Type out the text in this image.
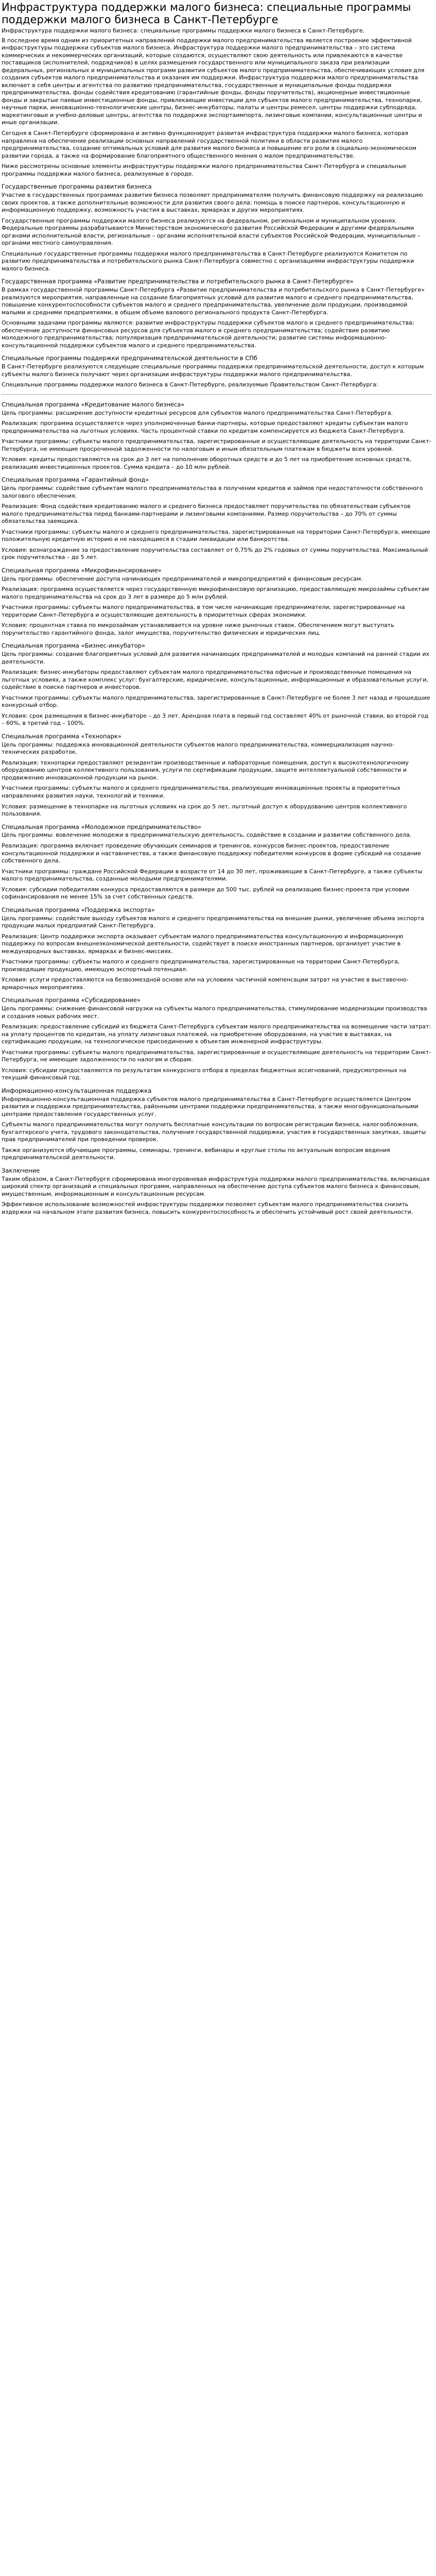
Инфраструктура поддержки малого бизнеса: специальные программы поддержки малого бизнеса в Санкт-Петербурге

Инфраструктура поддержки малого бизнеса: специальные программы поддержки малого бизнеса в Санкт-Петербурге.

В последнее время одним из приоритетных направлений поддержки малого предпринимательства является построение эффективной инфраструктуры поддержки субъектов малого бизнеса. Инфраструктура поддержки малого предпринимательства – это система коммерческих и некоммерческих организаций, которые создаются, осуществляют свою деятельность или привлекаются в качестве поставщиков (исполнителей, подрядчиков) в целях размещения государственного или муниципального заказа при реализации федеральных, региональных и муниципальных программ развития субъектов малого предпринимательства, обеспечивающих условия для создания субъектов малого предпринимательства и оказания им поддержки. Инфраструктура поддержки малого предпринимательства включает в себя центры и агентства по развитию предпринимательства, государственные и муниципальные фонды поддержки предпринимательства, фонды содействия кредитованию (гарантийные фонды, фонды поручительств), акционерные инвестиционные фонды и закрытые паевые инвестиционные фонды, привлекающие инвестиции для субъектов малого предпринимательства, технопарки, научные парки, инновационно-технологические центры, бизнес-инкубаторы, палаты и центры ремесел, центры поддержки субподряда, маркетинговые и учебно-деловые центры, агентства по поддержке экспортаимпорта, лизинговые компании, консультационные центры и иные организации.

Сегодня в Санкт-Петербурге сформирована и активно функционирует развитая инфраструктура поддержки малого бизнеса, которая направлена на обеспечение реализации основных направлений государственной политики в области развития малого предпринимательства, создание оптимальных условий для развития малого бизнеса и повышение его роли в социально-экономическом развитии города, а также на формирование благоприятного общественного мнения о малом предпринимательстве.

Ниже рассмотрены основные элементы инфраструктуры поддержки малого предпринимательства Санкт-Петербурга и специальные программы поддержки малого бизнеса, реализуемые в городе.

Государственные программы развития бизнеса

Участие в государственных программах развития бизнеса позволяет предпринимателям получить финансовую поддержку на реализацию своих проектов, а также дополнительные возможности для развития своего дела: помощь в поиске партнеров, консультационную и информационную поддержку, возможность участия в выставках, ярмарках и других мероприятиях.

Государственные программы поддержки малого бизнеса реализуются на федеральном, региональном и муниципальном уровнях. Федеральные программы разрабатываются Министерством экономического развития Российской Федерации и другими федеральными органами исполнительной власти, региональные – органами исполнительной власти субъектов Российской Федерации, муниципальные – органами местного самоуправления.

Специальные государственные программы поддержки малого предпринимательства в Санкт-Петербурге реализуются Комитетом по развитию предпринимательства и потребительского рынка Санкт-Петербурга совместно с организациями инфраструктуры поддержки малого бизнеса.

Государственная программа «Развитие предпринимательства и потребительского рынка в Санкт-Петербурге»

В рамках государственной программы Санкт-Петербурга «Развитие предпринимательства и потребительского рынка в Санкт-Петербурге» реализуются мероприятия, направленные на создание благоприятных условий для развития малого и среднего предпринимательства, повышение конкурентоспособности субъектов малого и среднего предпринимательства, увеличение доли продукции, производимой малыми и средними предприятиями, в общем объеме валового регионального продукта Санкт-Петербурга.

Основными задачами программы являются: развитие инфраструктуры поддержки субъектов малого и среднего предпринимательства; обеспечение доступности финансовых ресурсов для субъектов малого и среднего предпринимательства; содействие развитию молодежного предпринимательства; популяризация предпринимательской деятельности; развитие системы информационно-консультационной поддержки субъектов малого и среднего предпринимательства.

Специальные программы поддержки предпринимательской деятельности в СПб

В Санкт-Петербурге реализуются следующие специальные программы поддержки предпринимательской деятельности, доступ к которым субъекты малого бизнеса получают через организации инфраструктуры поддержки малого предпринимательства.

Специальные программы поддержки малого бизнеса в Санкт-Петербурге, реализуемые Правительством Санкт-Петербурга:

Специальная программа «Кредитование малого бизнеса»

Цель программы: расширение доступности кредитных ресурсов для субъектов малого предпринимательства Санкт-Петербурга.

Реализация: программа осуществляется через уполномоченные банки-партнеры, которые предоставляют кредиты субъектам малого предпринимательства на льготных условиях. Часть процентной ставки по кредитам компенсируется из бюджета Санкт-Петербурга.

Участники программы: субъекты малого предпринимательства, зарегистрированные и осуществляющие деятельность на территории Санкт-Петербурга, не имеющие просроченной задолженности по налоговым и иным обязательным платежам в бюджеты всех уровней.

Условия: кредиты предоставляются на срок до 3 лет на пополнение оборотных средств и до 5 лет на приобретение основных средств, реализацию инвестиционных проектов. Сумма кредита – до 10 млн рублей.

Специальная программа «Гарантийный фонд»

Цель программы: содействие субъектам малого предпринимательства в получении кредитов и займов при недостаточности собственного залогового обеспечения.

Реализация: Фонд содействия кредитованию малого и среднего бизнеса предоставляет поручительства по обязательствам субъектов малого предпринимательства перед банками-партнерами и лизинговыми компаниями. Размер поручительства – до 70% от суммы обязательства заемщика.

Участники программы: субъекты малого и среднего предпринимательства, зарегистрированные на территории Санкт-Петербурга, имеющие положительную кредитную историю и не находящиеся в стадии ликвидации или банкротства.

Условия: вознаграждение за предоставление поручительства составляет от 0,75% до 2% годовых от суммы поручительства. Максимальный срок поручительства – до 5 лет.

Специальная программа «Микрофинансирование»

Цель программы: обеспечение доступа начинающих предпринимателей и микропредприятий к финансовым ресурсам.

Реализация: программа осуществляется через государственную микрофинансовую организацию, предоставляющую микрозаймы субъектам малого предпринимательства на срок до 3 лет в размере до 5 млн рублей.

Участники программы: субъекты малого предпринимательства, в том числе начинающие предприниматели, зарегистрированные на территории Санкт-Петербурга и осуществляющие деятельность в приоритетных сферах экономики.

Условия: процентная ставка по микрозаймам устанавливается на уровне ниже рыночных ставок. Обеспечением могут выступать поручительство гарантийного фонда, залог имущества, поручительство физических и юридических лиц.

Специальная программа «Бизнес-инкубатор»

Цель программы: создание благоприятных условий для развития начинающих предпринимателей и молодых компаний на ранней стадии их деятельности.

Реализация: бизнес-инкубаторы предоставляют субъектам малого предпринимательства офисные и производственные помещения на льготных условиях, а также комплекс услуг: бухгалтерские, юридические, консультационные, информационные и образовательные услуги, содействие в поиске партнеров и инвесторов.

Участники программы: субъекты малого предпринимательства, зарегистрированные в Санкт-Петербурге не более 3 лет назад и прошедшие конкурсный отбор.

Условия: срок размещения в бизнес-инкубаторе – до 3 лет. Арендная плата в первый год составляет 40% от рыночной ставки, во второй год – 60%, в третий год – 100%.

Специальная программа «Технопарк»

Цель программы: поддержка инновационной деятельности субъектов малого предпринимательства, коммерциализация научно-технических разработок.

Реализация: технопарки предоставляют резидентам производственные и лабораторные помещения, доступ к высокотехнологичному оборудованию центров коллективного пользования, услуги по сертификации продукции, защите интеллектуальной собственности и продвижению инновационной продукции на рынок.

Участники программы: субъекты малого и среднего предпринимательства, реализующие инновационные проекты в приоритетных направлениях развития науки, технологий и техники.

Условия: размещение в технопарке на льготных условиях на срок до 5 лет, льготный доступ к оборудованию центров коллективного пользования.

Специальная программа «Молодежное предпринимательство»

Цель программы: вовлечение молодежи в предпринимательскую деятельность, содействие в создании и развитии собственного дела.

Реализация: программа включает проведение обучающих семинаров и тренингов, конкурсов бизнес-проектов, предоставление консультационной поддержки и наставничества, а также финансовую поддержку победителям конкурсов в форме субсидий на создание собственного дела.

Участники программы: граждане Российской Федерации в возрасте от 14 до 30 лет, проживающие в Санкт-Петербурге, а также субъекты малого предпринимательства, созданные молодыми предпринимателями.

Условия: субсидии победителям конкурса предоставляются в размере до 500 тыс. рублей на реализацию бизнес-проекта при условии софинансирования не менее 15% за счет собственных средств.

Специальная программа «Поддержка экспорта»

Цель программы: содействие выходу субъектов малого и среднего предпринимательства на внешние рынки, увеличение объема экспорта продукции малых предприятий Санкт-Петербурга.

Реализация: Центр поддержки экспорта оказывает субъектам малого предпринимательства консультационную и информационную поддержку по вопросам внешнеэкономической деятельности, содействует в поиске иностранных партнеров, организует участие в международных выставках, ярмарках и бизнес-миссиях.

Участники программы: субъекты малого и среднего предпринимательства, зарегистрированные на территории Санкт-Петербурга, производящие продукцию, имеющую экспортный потенциал.

Условия: услуги предоставляются на безвозмездной основе или на условиях частичной компенсации затрат на участие в выставочно-ярмарочных мероприятиях.

Специальная программа «Субсидирование»

Цель программы: снижение финансовой нагрузки на субъекты малого предпринимательства, стимулирование модернизации производства и создания новых рабочих мест.

Реализация: предоставление субсидий из бюджета Санкт-Петербурга субъектам малого предпринимательства на возмещение части затрат: на уплату процентов по кредитам, на уплату лизинговых платежей, на приобретение оборудования, на участие в выставках, на сертификацию продукции, на технологическое присоединение к объектам инженерной инфраструктуры.

Участники программы: субъекты малого предпринимательства, зарегистрированные и осуществляющие деятельность на территории Санкт-Петербурга, не имеющие задолженности по налогам и сборам.

Условия: субсидии предоставляются по результатам конкурсного отбора в пределах бюджетных ассигнований, предусмотренных на текущий финансовый год.

Информационно-консультационная поддержка

Информационно-консультационная поддержка субъектов малого предпринимательства в Санкт-Петербурге осуществляется Центром развития и поддержки предпринимательства, районными центрами поддержки предпринимательства, а также многофункциональными центрами предоставления государственных услуг.

Субъекты малого предпринимательства могут получить бесплатные консультации по вопросам регистрации бизнеса, налогообложения, бухгалтерского учета, трудового законодательства, получения государственной поддержки, участия в государственных закупках, защиты прав предпринимателей при проведении проверок.

Также организуются обучающие программы, семинары, тренинги, вебинары и круглые столы по актуальным вопросам ведения предпринимательской деятельности.

Заключение

Таким образом, в Санкт-Петербурге сформирована многоуровневая инфраструктура поддержки малого предпринимательства, включающая широкий спектр организаций и специальных программ, направленных на обеспечение доступа субъектов малого бизнеса к финансовым, имущественным, информационным и консультационным ресурсам.

Эффективное использование возможностей инфраструктуры поддержки позволяет субъектам малого предпринимательства снизить издержки на начальном этапе развития бизнеса, повысить конкурентоспособность и обеспечить устойчивый рост своей деятельности.
